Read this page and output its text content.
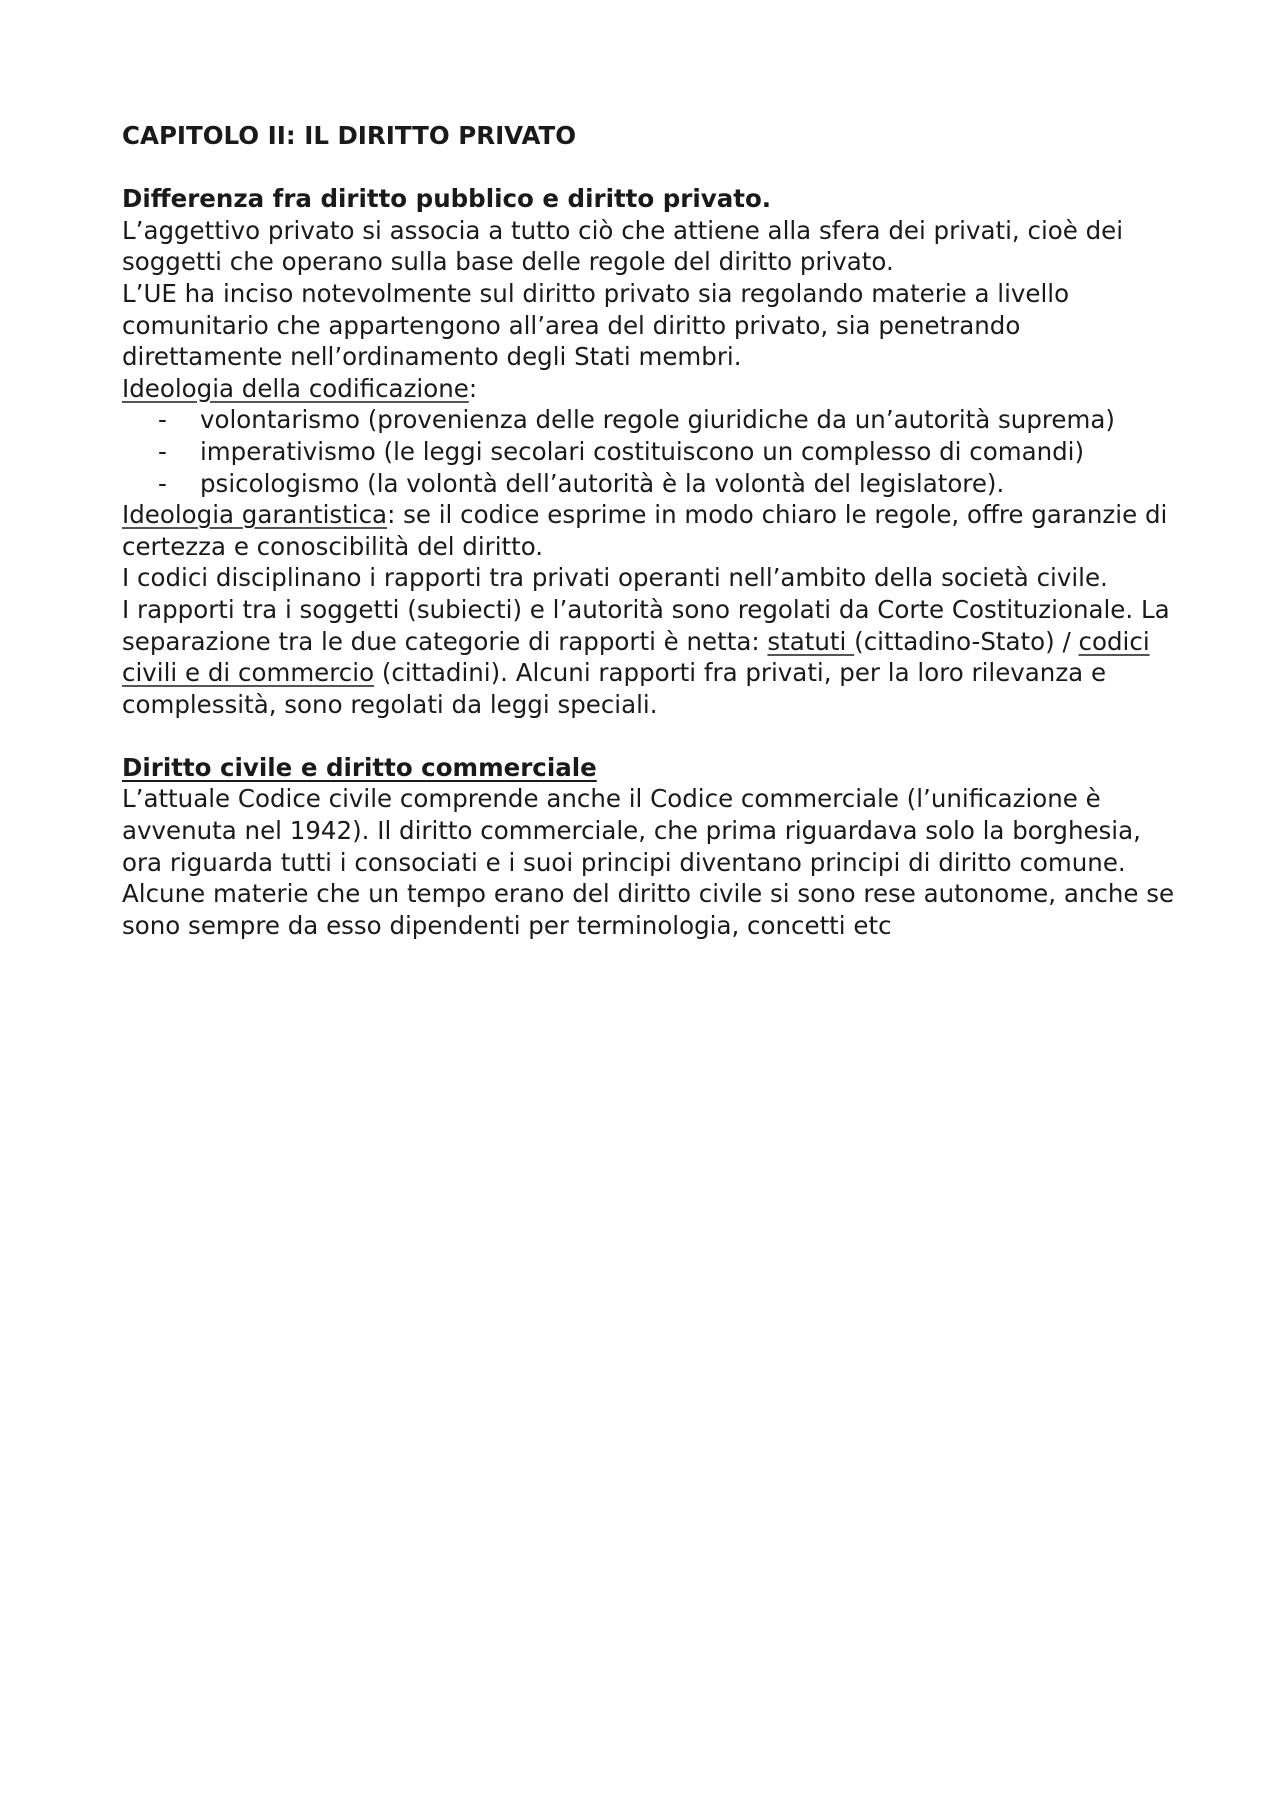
CAPITOLO II: IL DIRITTO PRIVATO
Differenza fra diritto pubblico e diritto privato.

L’aggettivo privato si associa a tutto ciò che attiene alla sfera dei privati, cioè dei soggetti che operano sulla base delle regole del diritto privato.

L’UE ha inciso notevolmente sul diritto privato sia regolando materie a livello comunitario che appartengono all’area del diritto privato, sia penetrando direttamente nell’ordinamento degli Stati membri.

Ideologia della codificazione:

- volontarismo (provenienza delle regole giuridiche da un’autorità suprema)
- imperativismo (le leggi secolari costituiscono un complesso di comandi)
- psicologismo (la volontà dell’autorità è la volontà del legislatore).

Ideologia garantistica: se il codice esprime in modo chiaro le regole, offre garanzie di certezza e conoscibilità del diritto.

I codici disciplinano i rapporti tra privati operanti nell’ambito della società civile.

I rapporti tra i soggetti (subiecti) e l’autorità sono regolati da Corte Costituzionale. La separazione tra le due categorie di rapporti è netta: statuti (cittadino-Stato) / codici civili e di commercio (cittadini). Alcuni rapporti fra privati, per la loro rilevanza e complessità, sono regolati da leggi speciali.

Diritto civile e diritto commerciale

L’attuale Codice civile comprende anche il Codice commerciale (l’unificazione è avvenuta nel 1942). Il diritto commerciale, che prima riguardava solo la borghesia, ora riguarda tutti i consociati e i suoi principi diventano principi di diritto comune. Alcune materie che un tempo erano del diritto civile si sono rese autonome, anche se sono sempre da esso dipendenti per terminologia, concetti etc
